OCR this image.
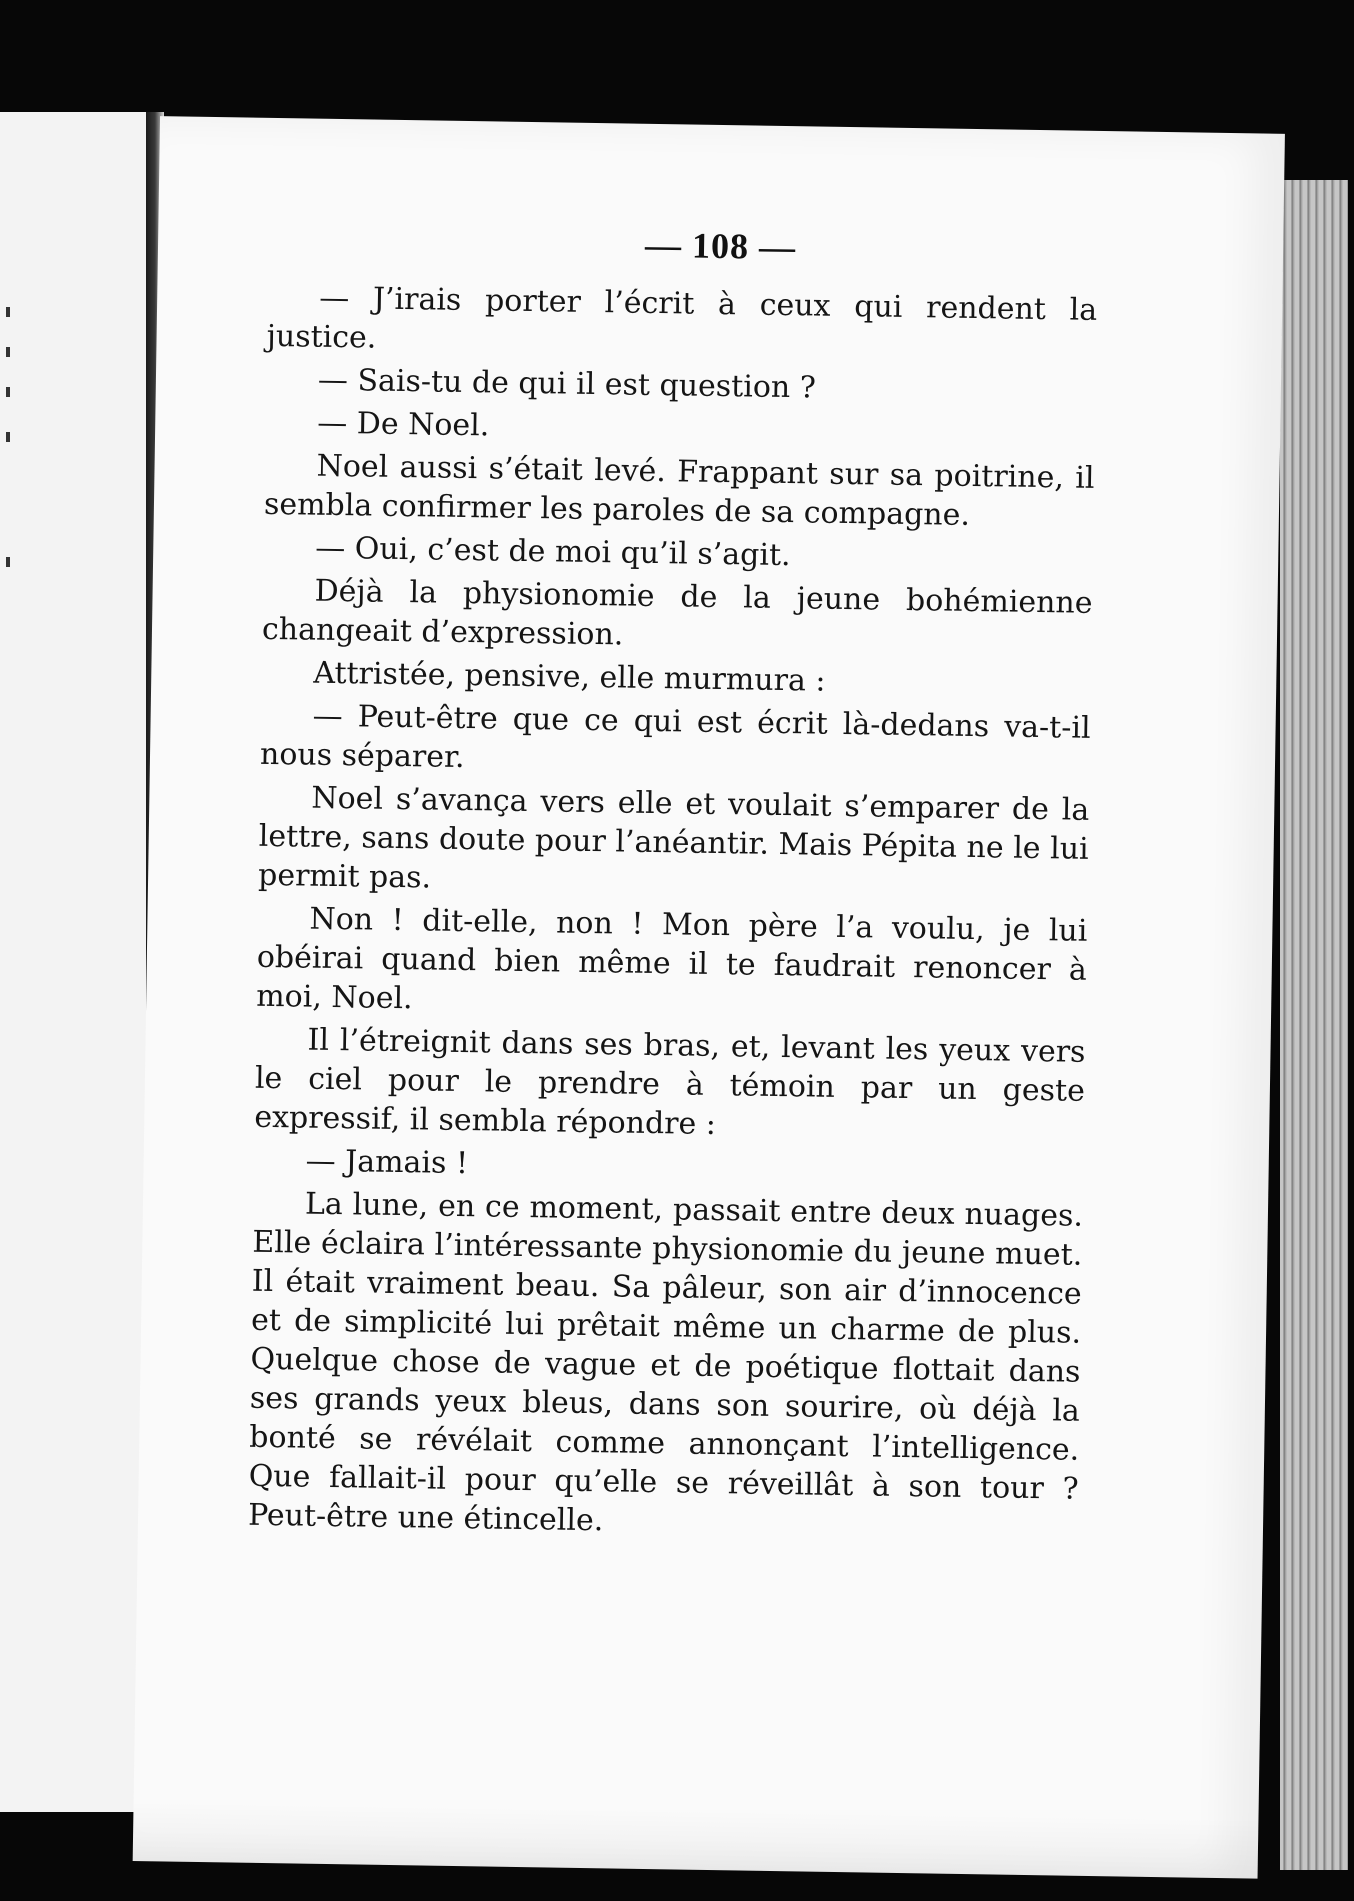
— 108 —

— J’irais porter l’écrit à ceux qui rendent la justice.

— Sais-tu de qui il est question ?

— De Noel.

Noel aussi s’était levé. Frappant sur sa poitrine, il sembla confirmer les paroles de sa compagne.

— Oui, c’est de moi qu’il s’agit.

Déjà la physionomie de la jeune bohémienne changeait d’expression.

Attristée, pensive, elle murmura :

— Peut-être que ce qui est écrit là-dedans va-t-il nous séparer.

Noel s’avança vers elle et voulait s’emparer de la lettre, sans doute pour l’anéantir. Mais Pépita ne le lui permit pas.

Non ! dit-elle, non ! Mon père l’a voulu, je lui obéirai quand bien même il te faudrait renoncer à moi, Noel.

Il l’étreignit dans ses bras, et, levant les yeux vers le ciel pour le prendre à témoin par un geste expressif, il sembla répondre :

— Jamais !

La lune, en ce moment, passait entre deux nuages. Elle éclaira l’intéressante physionomie du jeune muet. Il était vraiment beau. Sa pâleur, son air d’innocence et de simplicité lui prêtait même un charme de plus. Quelque chose de vague et de poétique flottait dans ses grands yeux bleus, dans son sourire, où déjà la bonté se révélait comme annonçant l’intelligence. Que fallait-il pour qu’elle se réveillât à son tour ? Peut-être une étincelle.
